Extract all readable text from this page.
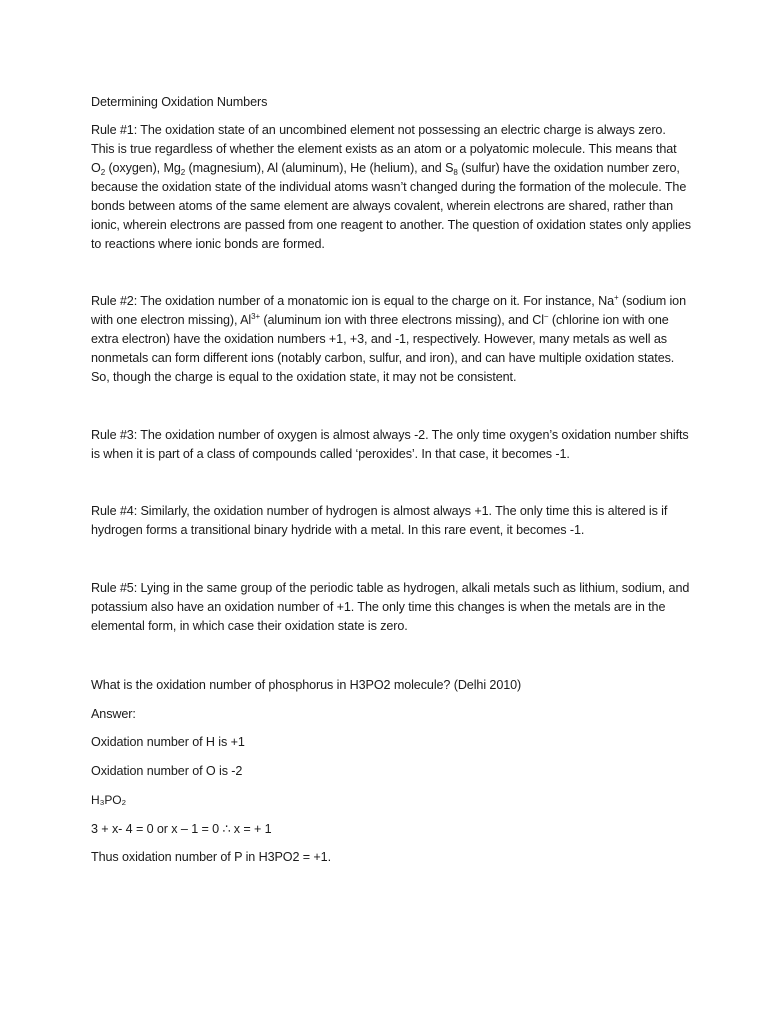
Determining Oxidation Numbers

Rule #1: The oxidation state of an uncombined element not possessing an electric charge is always zero. This is true regardless of whether the element exists as an atom or a polyatomic molecule. This means that $O_2$ (oxygen), $Mg_2$ (magnesium), Al (aluminum), He (helium), and $S_8$ (sulfur) have the oxidation number zero, because the oxidation state of the individual atoms wasn’t changed during the formation of the molecule. The bonds between atoms of the same element are always covalent, wherein electrons are shared, rather than ionic, wherein electrons are passed from one reagent to another. The question of oxidation states only applies to reactions where ionic bonds are formed.

Rule #2: The oxidation number of a monatomic ion is equal to the charge on it. For instance, Na+ (sodium ion with one electron missing), $Al^{3+}$ (aluminum ion with three electrons missing), and Cl− (chlorine ion with one extra electron) have the oxidation numbers +1, +3, and -1, respectively. However, many metals as well as nonmetals can form different ions (notably carbon, sulfur, and iron), and can have multiple oxidation states. So, though the charge is equal to the oxidation state, it may not be consistent.

Rule #3: The oxidation number of oxygen is almost always -2. The only time oxygen’s oxidation number shifts is when it is part of a class of compounds called ‘peroxides’. In that case, it becomes -1.

Rule #4: Similarly, the oxidation number of hydrogen is almost always +1. The only time this is altered is if hydrogen forms a transitional binary hydride with a metal. In this rare event, it becomes -1.

Rule #5: Lying in the same group of the periodic table as hydrogen, alkali metals such as lithium, sodium, and potassium also have an oxidation number of +1. The only time this changes is when the metals are in the elemental form, in which case their oxidation state is zero.

What is the oxidation number of phosphorus in H3PO2 molecule? (Delhi 2010)

Answer:

Oxidation number of H is +1

Oxidation number of O is -2

H₃PO₂

3 + x- 4 = 0 or x – 1 = 0 ∴ x = + 1

Thus oxidation number of P in H3PO2 = +1.
